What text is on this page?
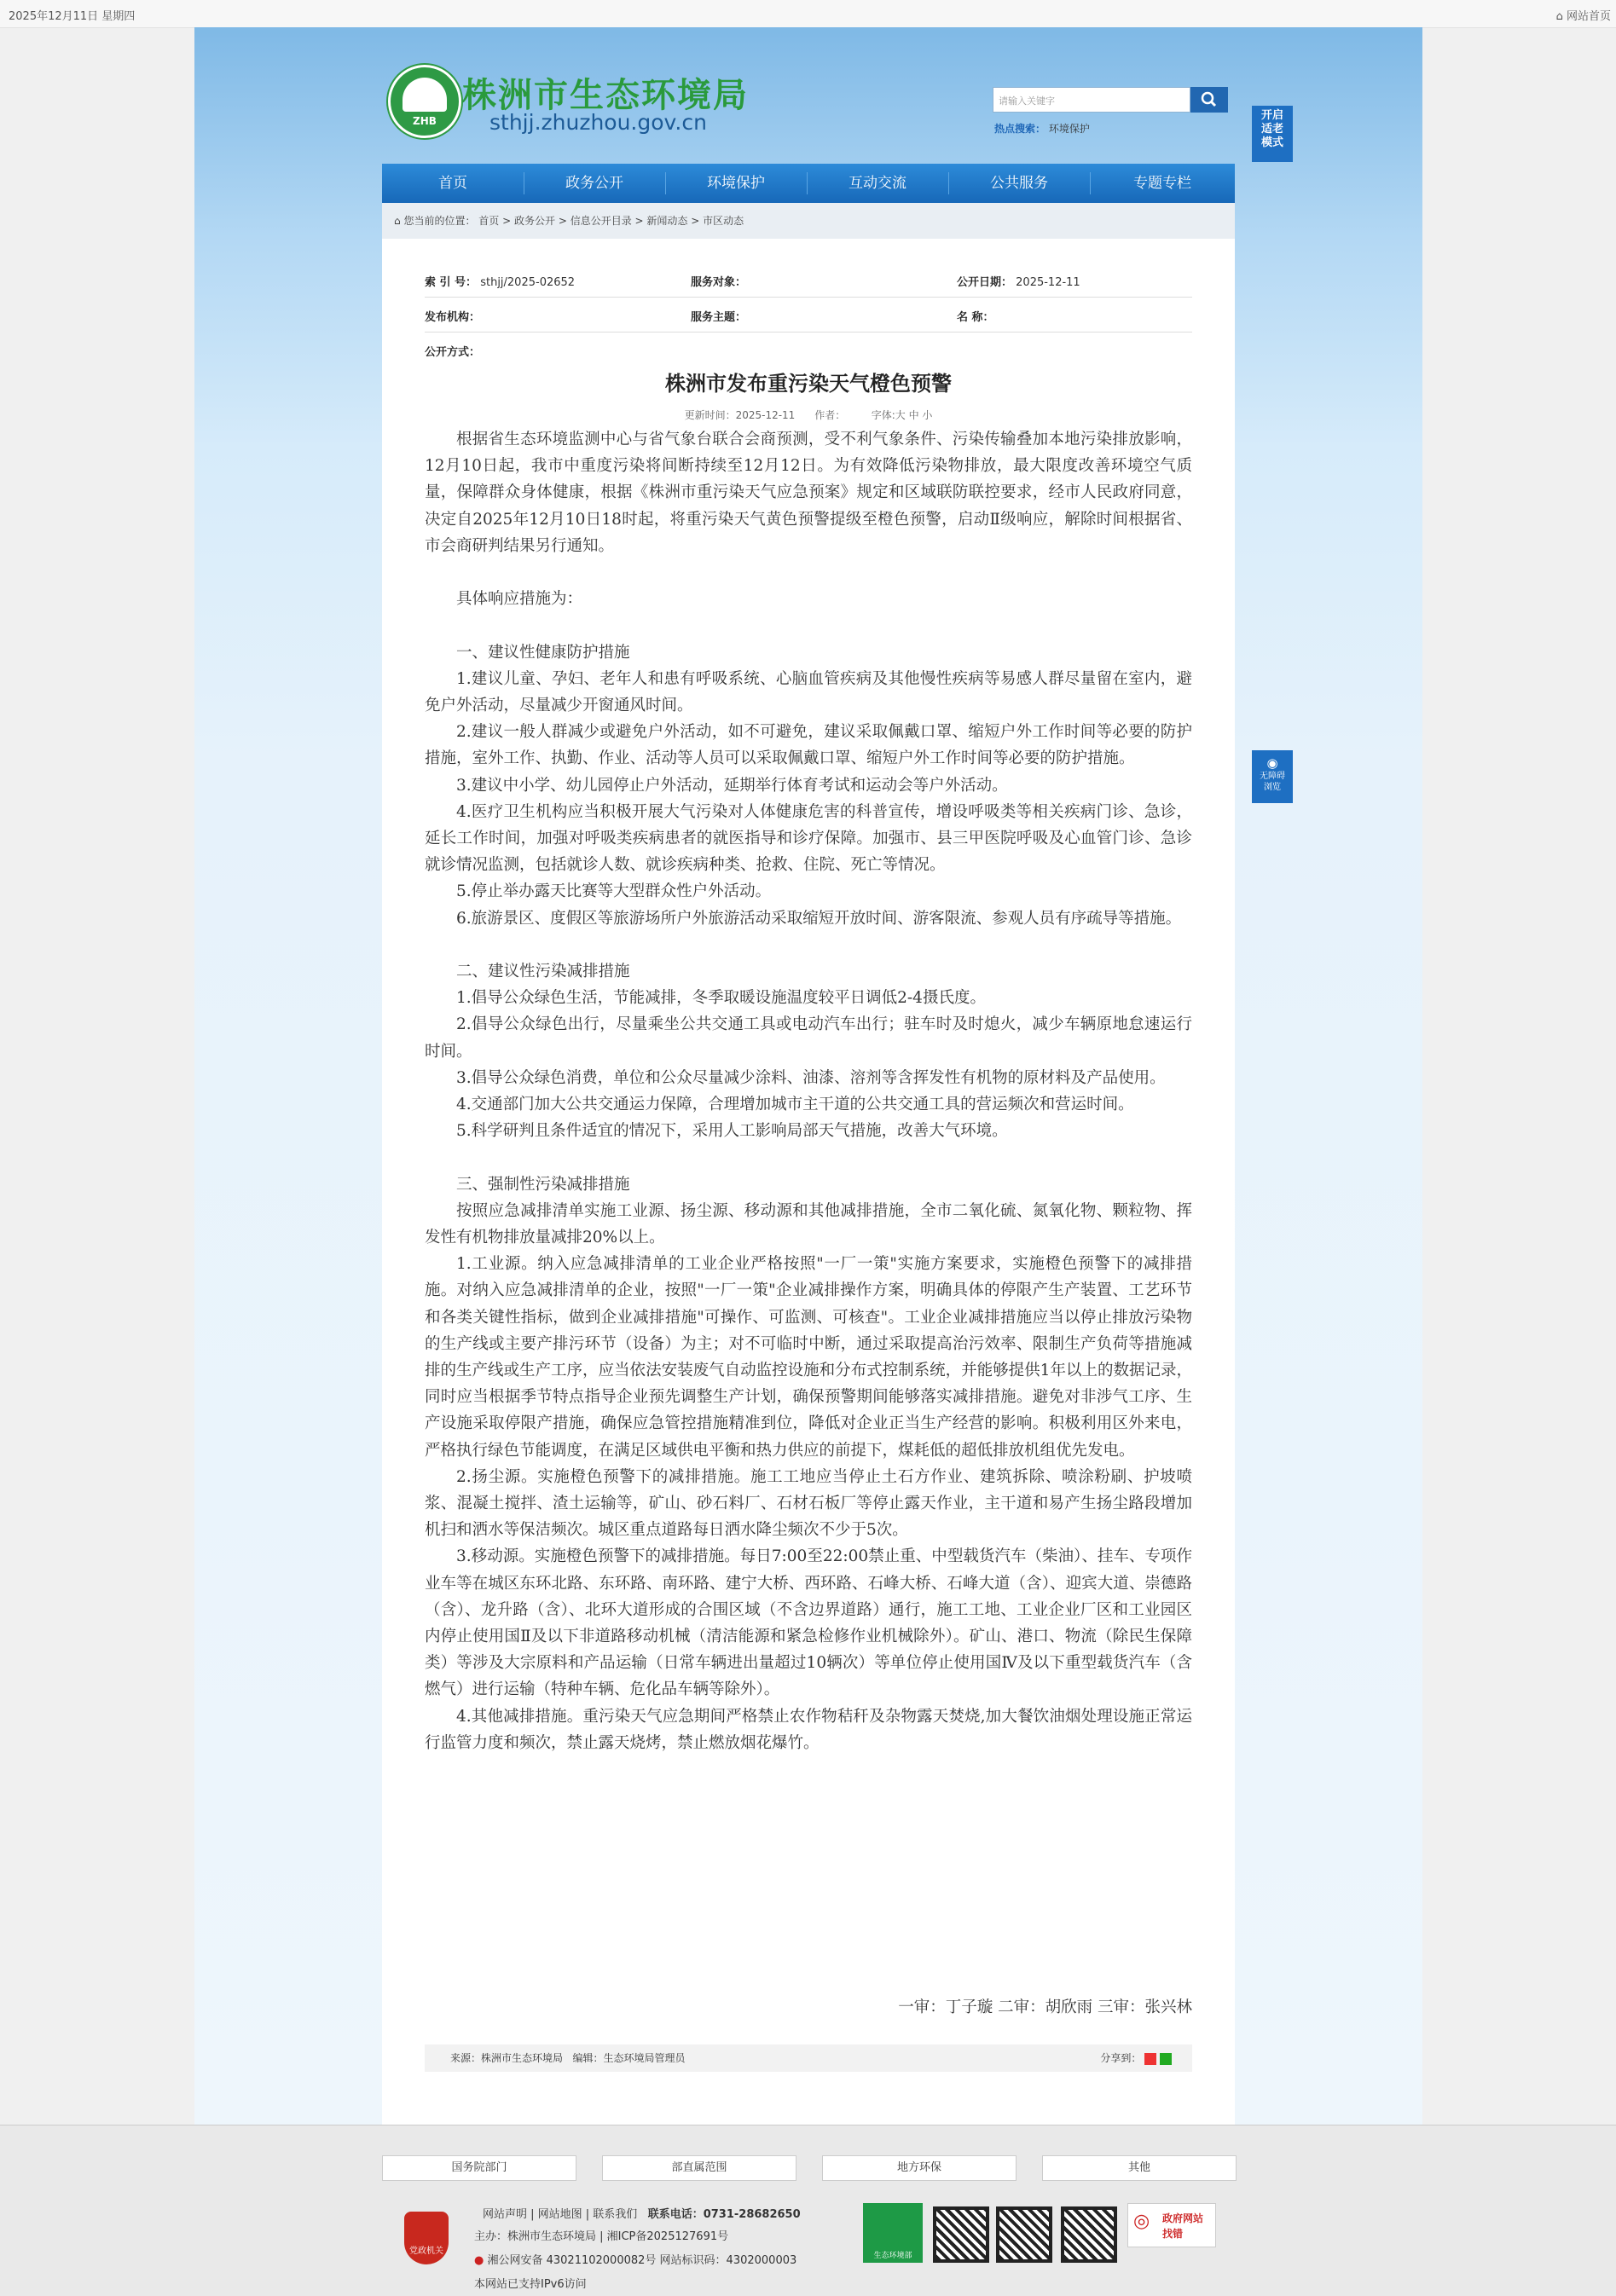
2025年12月11日 星期四	⌂ 网站首页
ZHB
株洲市生态环境局
sthjj.zhuzhou.gov.cn
请输入关键字
热点搜索： 环境保护
开启适老模式
◉
无障碍浏览
首页	政务公开	环境保护	互动交流	公共服务	专题专栏
⌂ 您当前的位置： 首页 > 政务公开 > 信息公开目录 > 新闻动态 > 市区动态
索 引 号： sthjj/2025-02652	服务对象：	公开日期： 2025-12-11
发布机构：	服务主题：	名 称：
公开方式：
株洲市发布重污染天气橙色预警
更新时间：2025-12-11 作者：	字体:大 中 小

根据省生态环境监测中心与省气象台联合会商预测，受不利气象条件、污染传输叠加本地污染排放影响，12月10日起，我市中重度污染将间断持续至12月12日。为有效降低污染物排放，最大限度改善环境空气质量，保障群众身体健康，根据《株洲市重污染天气应急预案》规定和区域联防联控要求，经市人民政府同意，决定自2025年12月10日18时起，将重污染天气黄色预警提级至橙色预警，启动Ⅱ级响应，解除时间根据省、市会商研判结果另行通知。

具体响应措施为：

一、建议性健康防护措施

1.建议儿童、孕妇、老年人和患有呼吸系统、心脑血管疾病及其他慢性疾病等易感人群尽量留在室内，避免户外活动，尽量减少开窗通风时间。

2.建议一般人群减少或避免户外活动，如不可避免，建议采取佩戴口罩、缩短户外工作时间等必要的防护措施，室外工作、执勤、作业、活动等人员可以采取佩戴口罩、缩短户外工作时间等必要的防护措施。

3.建议中小学、幼儿园停止户外活动，延期举行体育考试和运动会等户外活动。

4.医疗卫生机构应当积极开展大气污染对人体健康危害的科普宣传，增设呼吸类等相关疾病门诊、急诊，延长工作时间，加强对呼吸类疾病患者的就医指导和诊疗保障。加强市、县三甲医院呼吸及心血管门诊、急诊就诊情况监测，包括就诊人数、就诊疾病种类、抢救、住院、死亡等情况。

5.停止举办露天比赛等大型群众性户外活动。

6.旅游景区、度假区等旅游场所户外旅游活动采取缩短开放时间、游客限流、参观人员有序疏导等措施。

二、建议性污染减排措施

1.倡导公众绿色生活，节能减排，冬季取暖设施温度较平日调低2-4摄氏度。

2.倡导公众绿色出行，尽量乘坐公共交通工具或电动汽车出行；驻车时及时熄火，减少车辆原地怠速运行时间。

3.倡导公众绿色消费，单位和公众尽量减少涂料、油漆、溶剂等含挥发性有机物的原材料及产品使用。

4.交通部门加大公共交通运力保障，合理增加城市主干道的公共交通工具的营运频次和营运时间。

5.科学研判且条件适宜的情况下，采用人工影响局部天气措施，改善大气环境。

三、强制性污染减排措施

按照应急减排清单实施工业源、扬尘源、移动源和其他减排措施，全市二氧化硫、氮氧化物、颗粒物、挥发性有机物排放量减排20%以上。

1.工业源。纳入应急减排清单的工业企业严格按照"一厂一策"实施方案要求，实施橙色预警下的减排措施。对纳入应急减排清单的企业，按照"一厂一策"企业减排操作方案，明确具体的停限产生产装置、工艺环节和各类关键性指标，做到企业减排措施"可操作、可监测、可核查"。工业企业减排措施应当以停止排放污染物的生产线或主要产排污环节（设备）为主；对不可临时中断，通过采取提高治污效率、限制生产负荷等措施减排的生产线或生产工序，应当依法安装废气自动监控设施和分布式控制系统，并能够提供1年以上的数据记录，同时应当根据季节特点指导企业预先调整生产计划，确保预警期间能够落实减排措施。避免对非涉气工序、生产设施采取停限产措施，确保应急管控措施精准到位，降低对企业正当生产经营的影响。积极利用区外来电，严格执行绿色节能调度，在满足区域供电平衡和热力供应的前提下，煤耗低的超低排放机组优先发电。

2.扬尘源。实施橙色预警下的减排措施。施工工地应当停止土石方作业、建筑拆除、喷涂粉刷、护坡喷浆、混凝土搅拌、渣土运输等，矿山、砂石料厂、石材石板厂等停止露天作业，主干道和易产生扬尘路段增加机扫和洒水等保洁频次。城区重点道路每日洒水降尘频次不少于5次。

3.移动源。实施橙色预警下的减排措施。每日7:00至22:00禁止重、中型载货汽车（柴油）、挂车、专项作业车等在城区东环北路、东环路、南环路、建宁大桥、西环路、石峰大桥、石峰大道（含）、迎宾大道、崇德路（含）、龙升路（含）、北环大道形成的合围区域（不含边界道路）通行，施工工地、工业企业厂区和工业园区内停止使用国Ⅱ及以下非道路移动机械（清洁能源和紧急检修作业机械除外）。矿山、港口、物流（除民生保障类）等涉及大宗原料和产品运输（日常车辆进出量超过10辆次）等单位停止使用国Ⅳ及以下重型载货汽车（含燃气）进行运输（特种车辆、危化品车辆等除外）。

4.其他减排措施。重污染天气应急期间严格禁止农作物秸秆及杂物露天焚烧,加大餐饮油烟处理设施正常运行监管力度和频次，禁止露天烧烤，禁止燃放烟花爆竹。

来源：株洲市生态环境局 编辑：生态环境局管理员	分享到：
国务院部门	部直属范围	地方环保	其他
党政机关
网站声明 | 网站地图 | 联系我们 联系电话：0731-28682650
主办：株洲市生态环境局 | 湘ICP备2025127691号
● 湘公网安备 43021102000082号 网站标识码：4302000003
本网站已支持IPv6访问
生态环境部
◎ 政府网站找错
一审：丁子璇 二审：胡欣雨 三审：张兴林
